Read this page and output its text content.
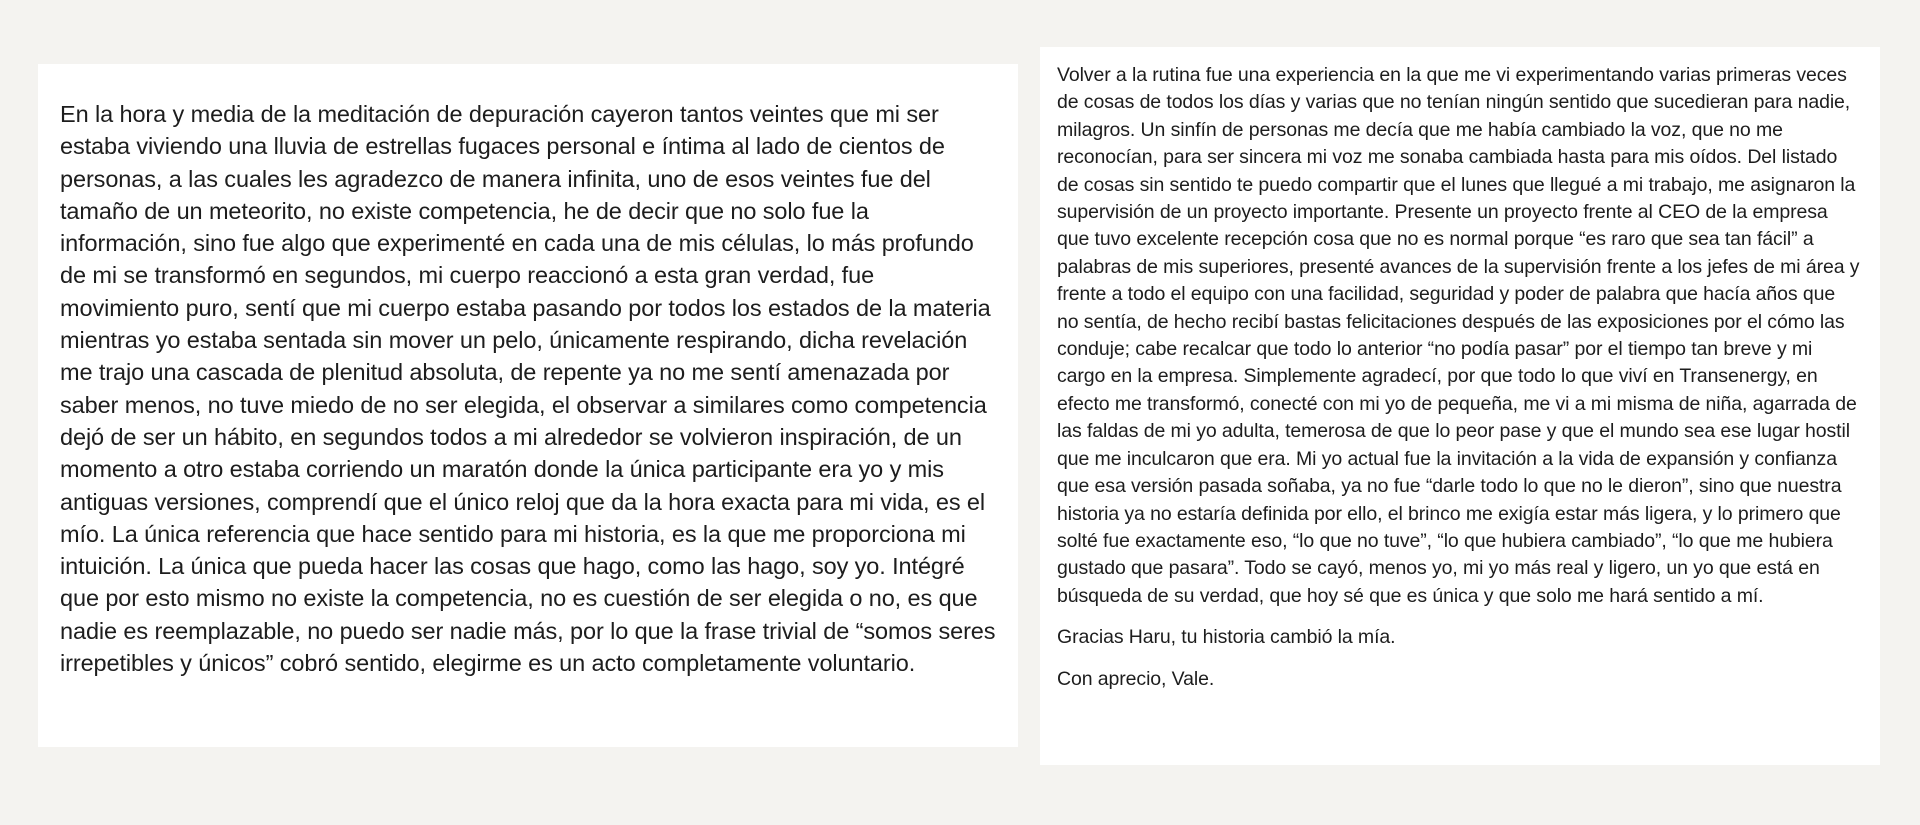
En la hora y media de la meditación de depuración cayeron tantos veintes que mi ser estaba viviendo una lluvia de estrellas fugaces personal e íntima al lado de cientos de personas, a las cuales les agradezco de manera infinita, uno de esos veintes fue del tamaño de un meteorito, no existe competencia, he de decir que no solo fue la información, sino fue algo que experimenté en cada una de mis células, lo más profundo de mi se transformó en segundos, mi cuerpo reaccionó a esta gran verdad, fue movimiento puro, sentí que mi cuerpo estaba pasando por todos los estados de la materia mientras yo estaba sentada sin mover un pelo, únicamente respirando, dicha revelación me trajo una cascada de plenitud absoluta, de repente ya no me sentí amenazada por saber menos, no tuve miedo de no ser elegida, el observar a similares como competencia dejó de ser un hábito, en segundos todos a mi alrededor se volvieron inspiración, de un momento a otro estaba corriendo un maratón donde la única participante era yo y mis antiguas versiones, comprendí que el único reloj que da la hora exacta para mi vida, es el mío. La única referencia que hace sentido para mi historia, es la que me proporciona mi intuición. La única que pueda hacer las cosas que hago, como las hago, soy yo. Intégré que por esto mismo no existe la competencia, no es cuestión de ser elegida o no, es que nadie es reemplazable, no puedo ser nadie más, por lo que la frase trivial de “somos seres irrepetibles y únicos” cobró sentido, elegirme es un acto completamente voluntario.

Volver a la rutina fue una experiencia en la que me vi experimentando varias primeras veces de cosas de todos los días y varias que no tenían ningún sentido que sucedieran para nadie, milagros. Un sinfín de personas me decía que me había cambiado la voz, que no me reconocían, para ser sincera mi voz me sonaba cambiada hasta para mis oídos. Del listado de cosas sin sentido te puedo compartir que el lunes que llegué a mi trabajo, me asignaron la supervisión de un proyecto importante. Presente un proyecto frente al CEO de la empresa que tuvo excelente recepción cosa que no es normal porque “es raro que sea tan fácil” a palabras de mis superiores, presenté avances de la supervisión frente a los jefes de mi área y frente a todo el equipo con una facilidad, seguridad y poder de palabra que hacía años que no sentía, de hecho recibí bastas felicitaciones después de las exposiciones por el cómo las conduje; cabe recalcar que todo lo anterior “no podía pasar” por el tiempo tan breve y mi cargo en la empresa. Simplemente agradecí, por que todo lo que viví en Transenergy, en efecto me transformó, conecté con mi yo de pequeña, me vi a mi misma de niña, agarrada de las faldas de mi yo adulta, temerosa de que lo peor pase y que el mundo sea ese lugar hostil que me inculcaron que era. Mi yo actual fue la invitación a la vida de expansión y confianza que esa versión pasada soñaba, ya no fue “darle todo lo que no le dieron”, sino que nuestra historia ya no estaría definida por ello, el brinco me exigía estar más ligera, y lo primero que solté fue exactamente eso, “lo que no tuve”, “lo que hubiera cambiado”, “lo que me hubiera gustado que pasara”. Todo se cayó, menos yo, mi yo más real y ligero, un yo que está en búsqueda de su verdad, que hoy sé que es única y que solo me hará sentido a mí.

Gracias Haru, tu historia cambió la mía.

Con aprecio, Vale.
